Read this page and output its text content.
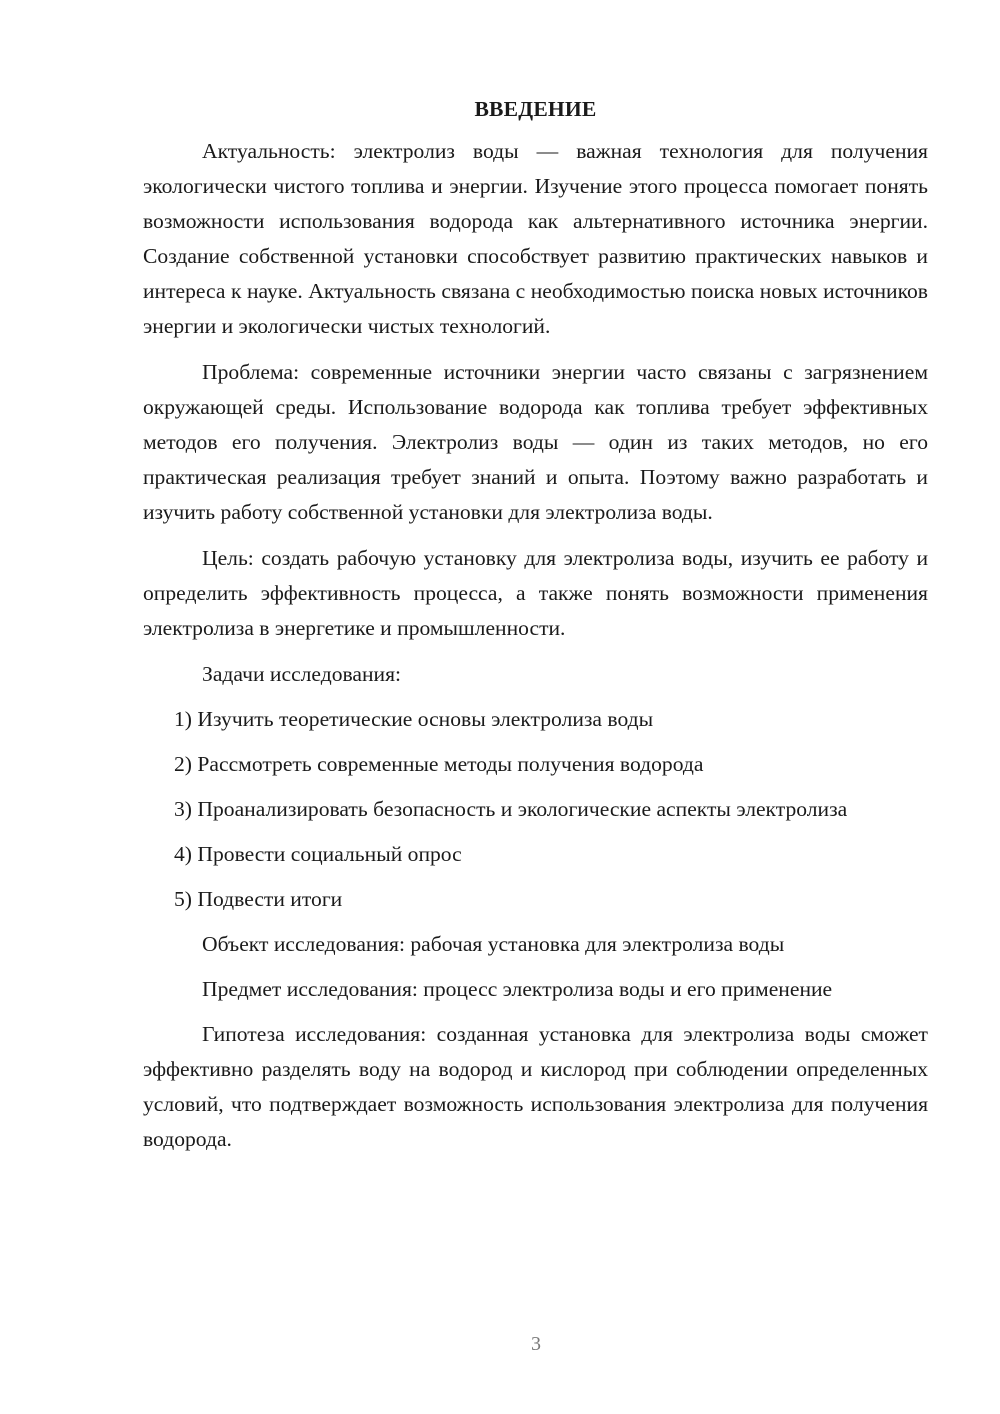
ВВЕДЕНИЕ

Актуальность: электролиз воды — важная технология для получения экологически чистого топлива и энергии. Изучение этого процесса помогает понять возможности использования водорода как альтернативного источника энергии. Создание собственной установки способствует развитию практических навыков и интереса к науке. Актуальность связана с необходимостью поиска новых источников энергии и экологически чистых технологий.

Проблема: современные источники энергии часто связаны с загрязнением окружающей среды. Использование водорода как топлива требует эффективных методов его получения. Электролиз воды — один из таких методов, но его практическая реализация требует знаний и опыта. Поэтому важно разработать и изучить работу собственной установки для электролиза воды.

Цель: создать рабочую установку для электролиза воды, изучить ее работу и определить эффективность процесса, а также понять возможности применения электролиза в энергетике и промышленности.

Задачи исследования:

1) Изучить теоретические основы электролиза воды
2) Рассмотреть современные методы получения водорода
3) Проанализировать безопасность и экологические аспекты электролиза
4) Провести социальный опрос
5) Подвести итоги

Объект исследования: рабочая установка для электролиза воды

Предмет исследования: процесс электролиза воды и его применение

Гипотеза исследования: созданная установка для электролиза воды сможет эффективно разделять воду на водород и кислород при соблюдении определенных условий, что подтверждает возможность использования электролиза для получения водорода.

3
